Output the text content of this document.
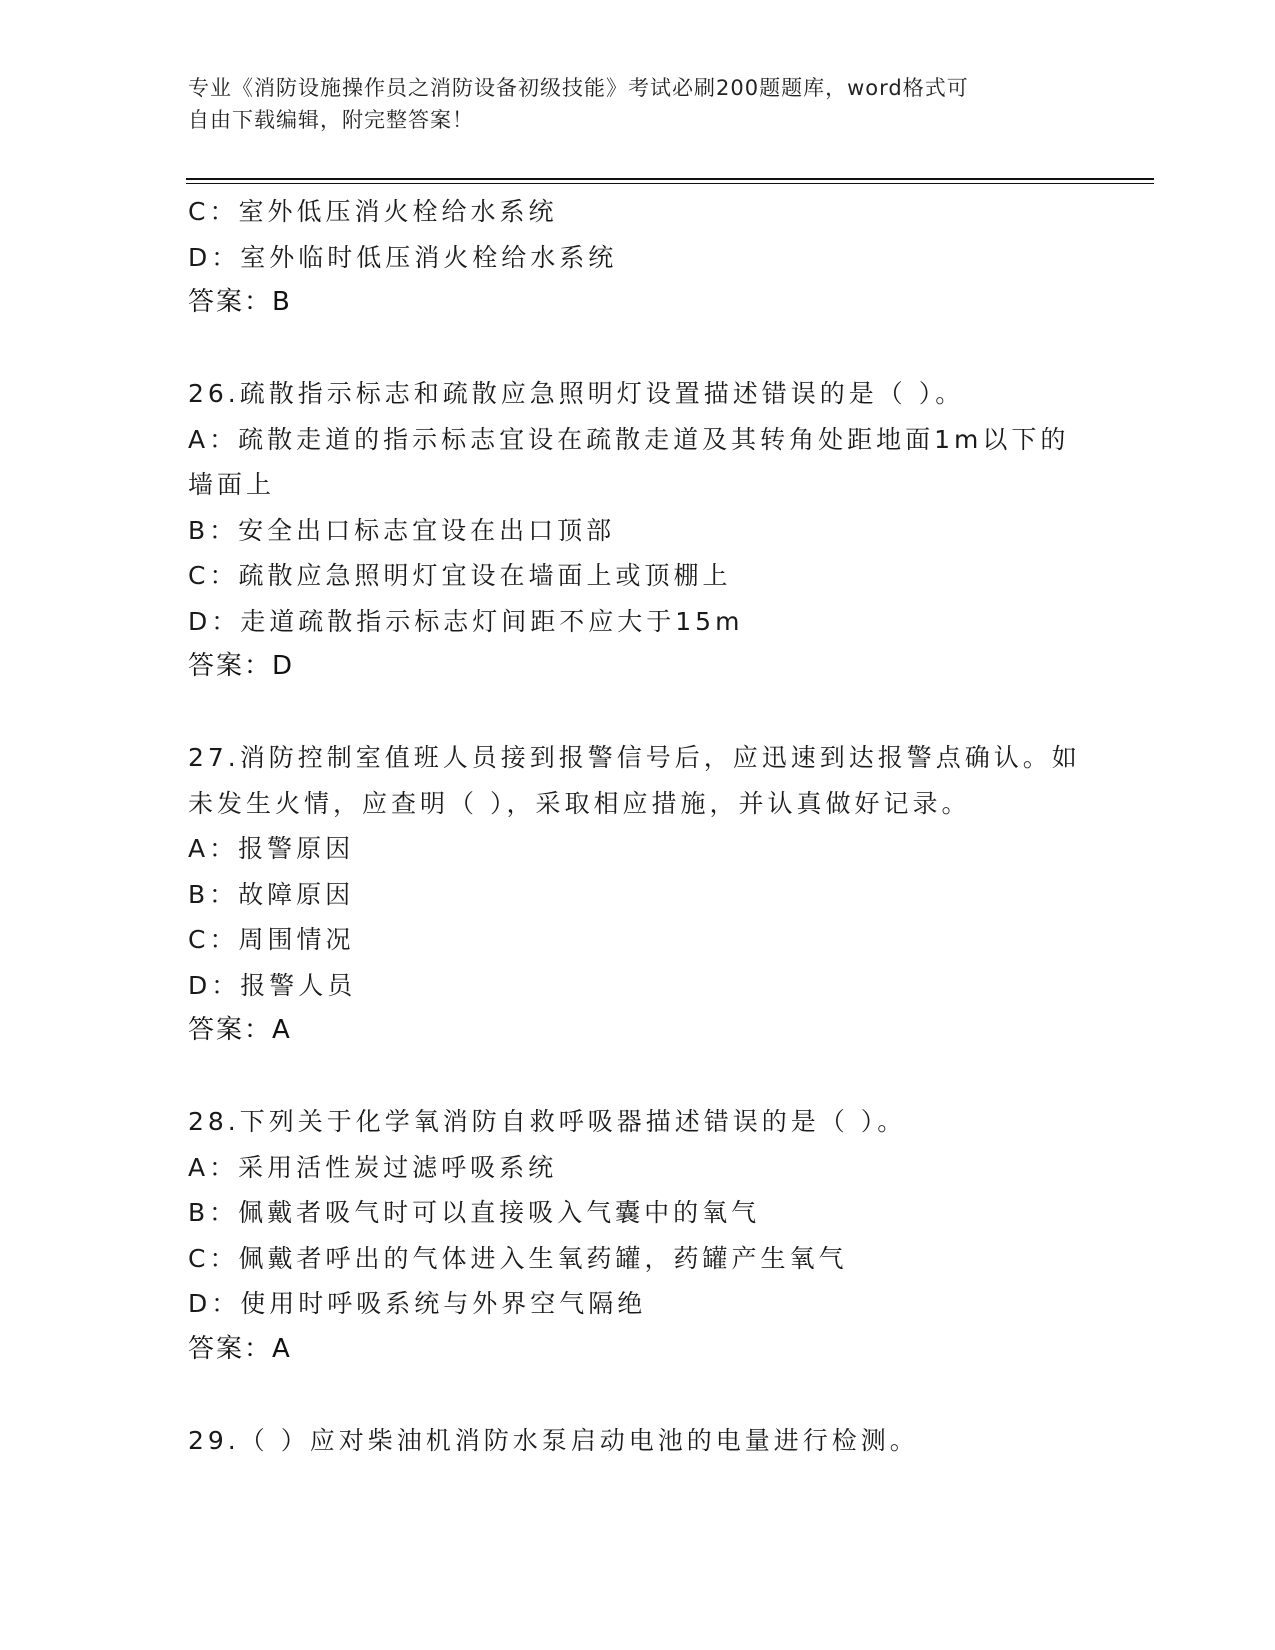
专业《消防设施操作员之消防设备初级技能》考试必刷200题题库，word格式可
自由下载编辑，附完整答案！
C：室外低压消火栓给水系统
D：室外临时低压消火栓给水系统
答案：B
26.疏散指示标志和疏散应急照明灯设置描述错误的是（ ）。
A：疏散走道的指示标志宜设在疏散走道及其转角处距地面1m以下的
墙面上
B：安全出口标志宜设在出口顶部
C：疏散应急照明灯宜设在墙面上或顶棚上
D：走道疏散指示标志灯间距不应大于15m
答案：D
27.消防控制室值班人员接到报警信号后，应迅速到达报警点确认。如
未发生火情，应查明（ ），采取相应措施，并认真做好记录。
A：报警原因
B：故障原因
C：周围情况
D：报警人员
答案：A
28.下列关于化学氧消防自救呼吸器描述错误的是（ ）。
A：采用活性炭过滤呼吸系统
B：佩戴者吸气时可以直接吸入气囊中的氧气
C：佩戴者呼出的气体进入生氧药罐，药罐产生氧气
D：使用时呼吸系统与外界空气隔绝
答案：A
29.（ ）应对柴油机消防水泵启动电池的电量进行检测。
